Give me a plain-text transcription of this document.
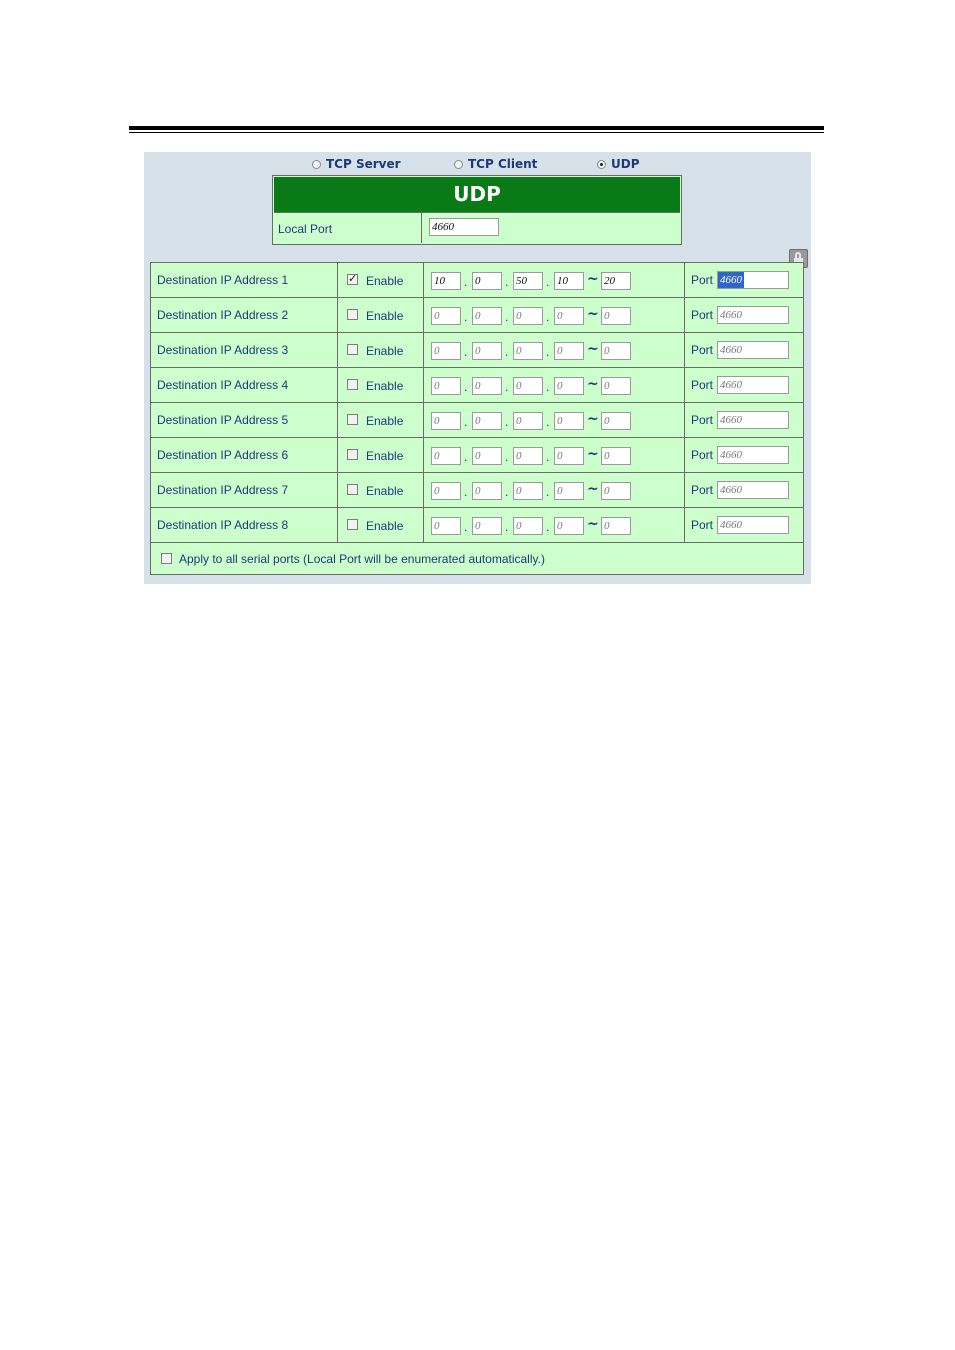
TCP Server	TCP Client	UDP
UDP
Local Port
4660
Apply to all serial ports (Local Port will be enumerated automatically.)
Destination IP Address 1
✓	Enable
10	.
0	.
50	.
10	~
20	Port
4660
Destination IP Address 2	Enable
0	.
0	.
0	.
0	~
0	Port
4660
Destination IP Address 3	Enable
0	.
0	.
0	.
0	~
0	Port
4660
Destination IP Address 4	Enable
0	.
0	.
0	.
0	~
0	Port
4660
Destination IP Address 5	Enable
0	.
0	.
0	.
0	~
0	Port
4660
Destination IP Address 6	Enable
0	.
0	.
0	.
0	~
0	Port
4660
Destination IP Address 7	Enable
0	.
0	.
0	.
0	~
0	Port
4660
Destination IP Address 8	Enable
0	.
0	.
0	.
0	~
0	Port
4660
